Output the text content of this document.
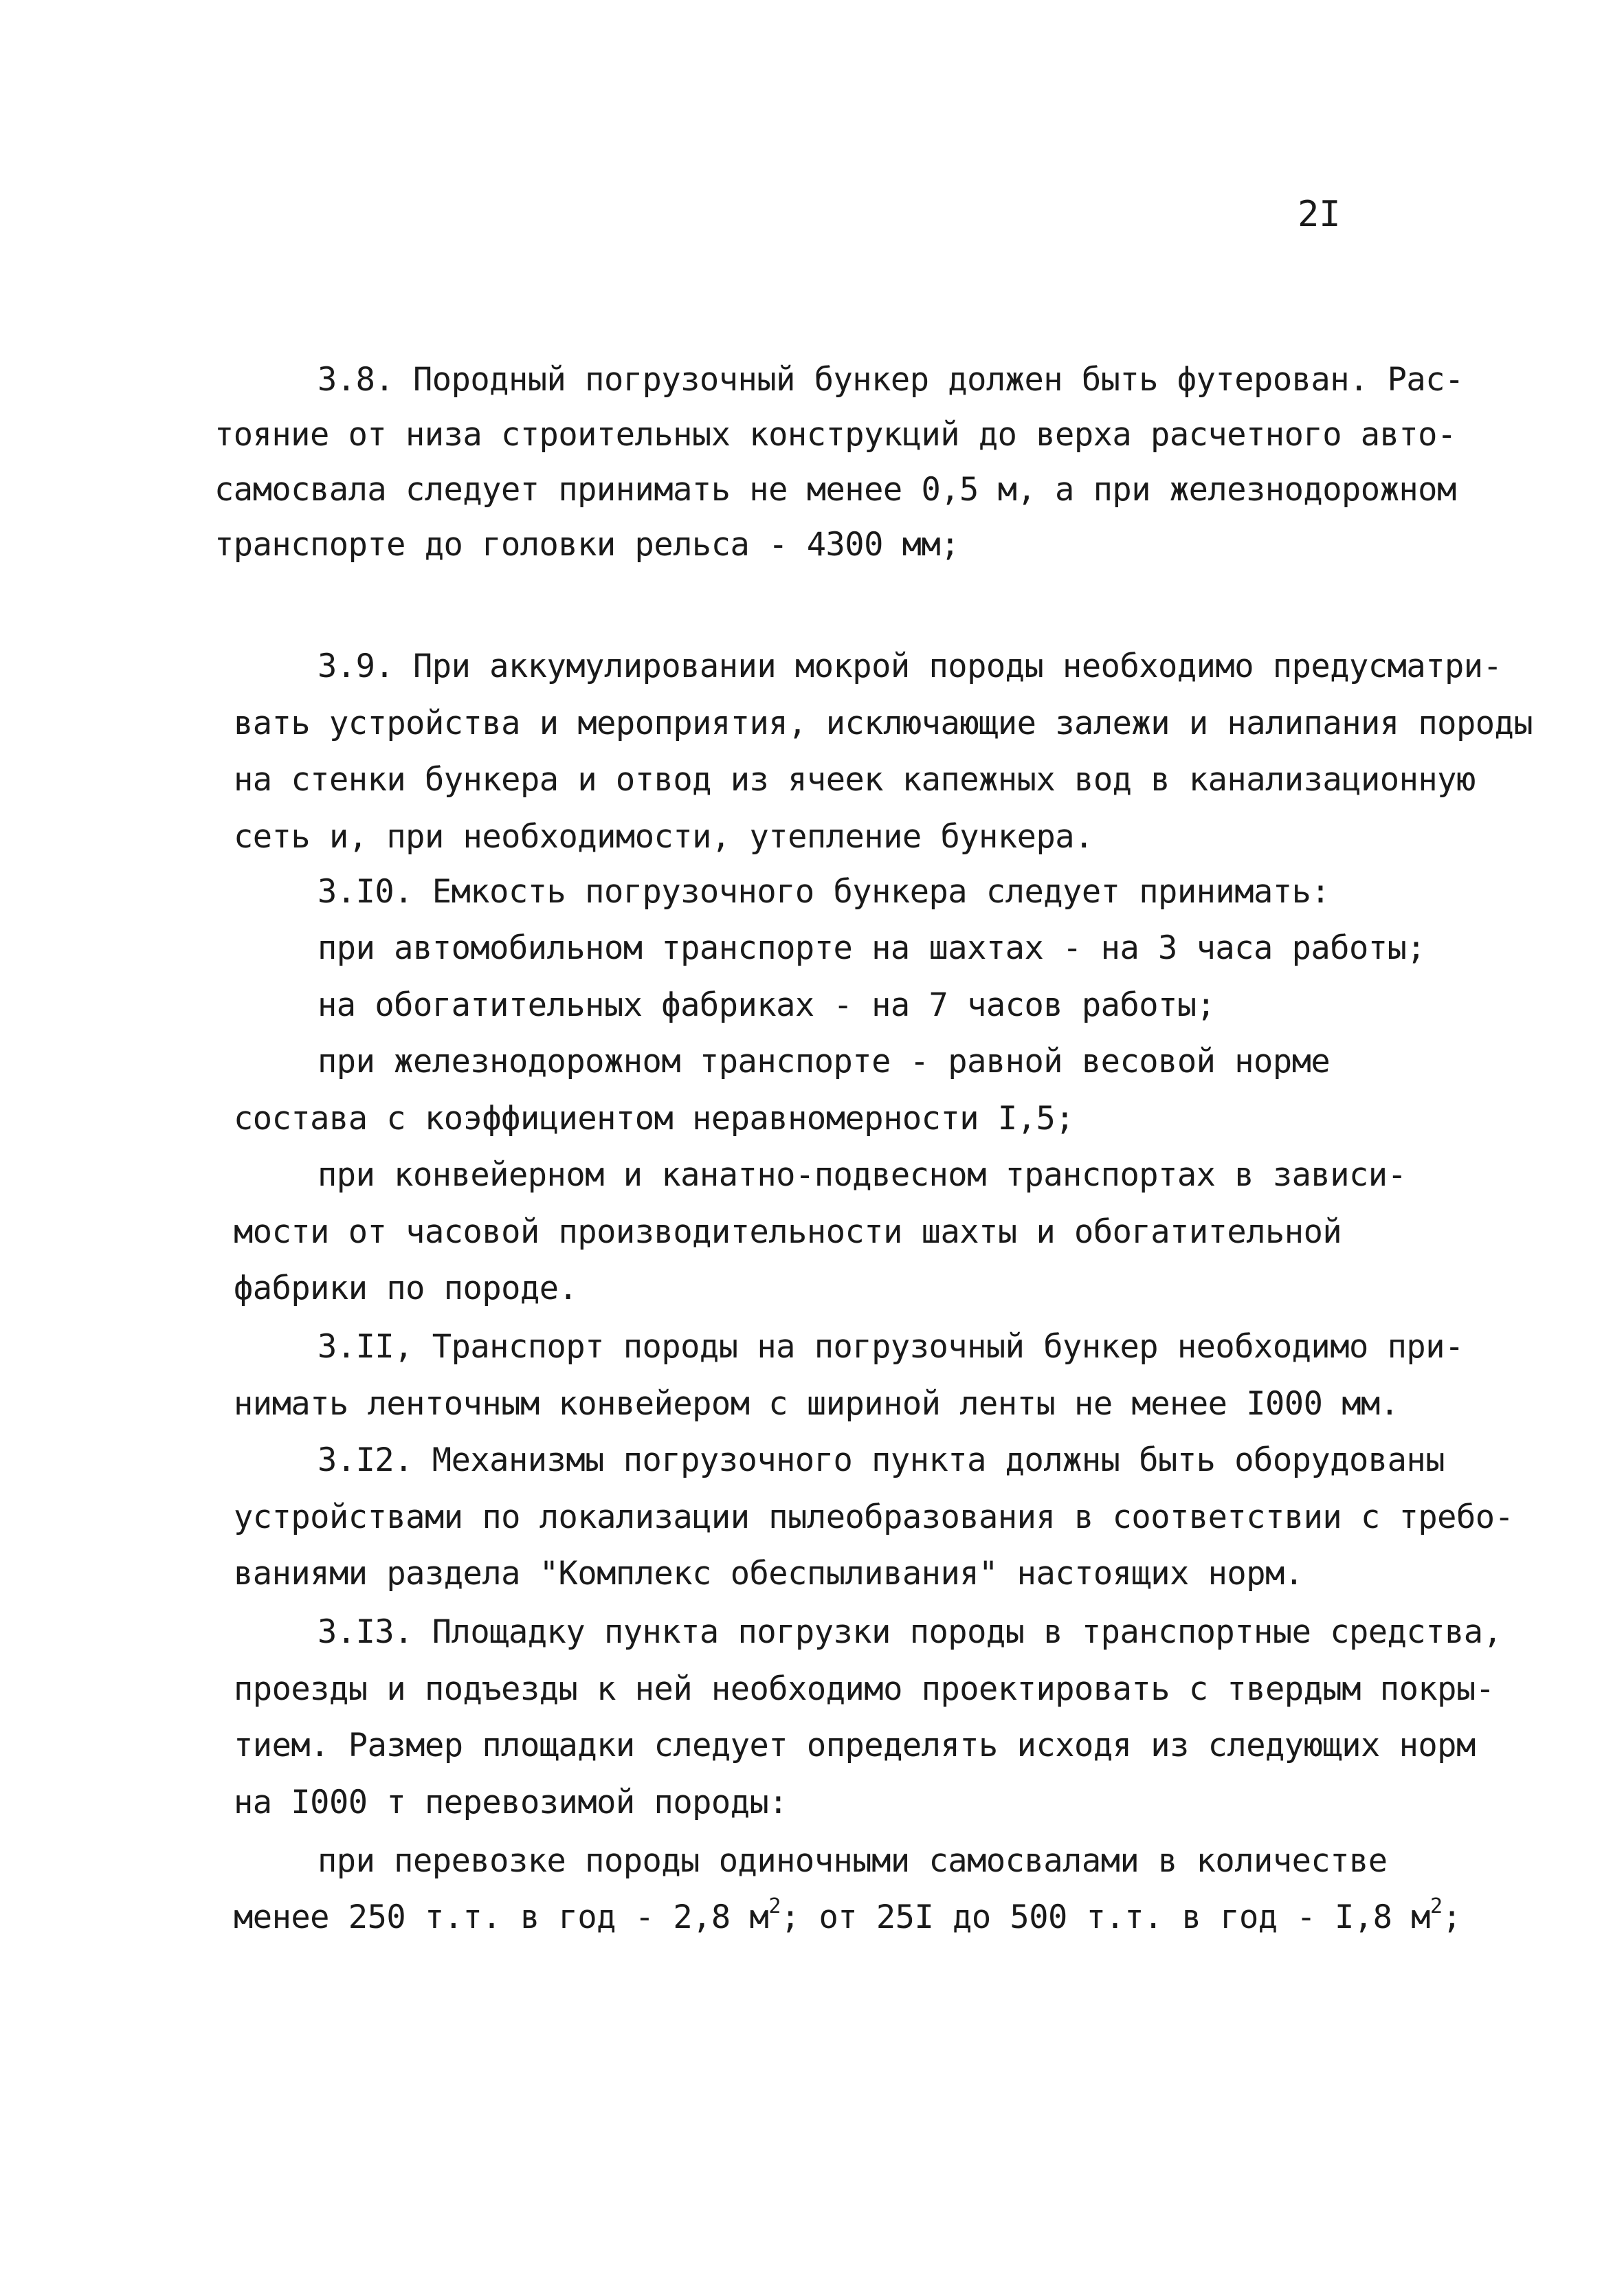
2I
3.8. Породный погрузочный бункер должен быть футерован. Рас-
тояние от низа строительных конструкций до верха расчетного авто-
самосвала следует принимать не менее 0,5 м, а при железнодорожном
транспорте до головки рельса - 4300 мм;
3.9. При аккумулировании мокрой породы необходимо предусматри-
вать устройства и мероприятия, исключающие залежи и налипания породы
на стенки бункера и отвод из ячеек капежных вод в канализационную
сеть и, при необходимости, утепление бункера.
3.I0. Емкость погрузочного бункера следует принимать:
при автомобильном транспорте на шахтах - на 3 часа работы;
на обогатительных фабриках - на 7 часов работы;
при железнодорожном транспорте - равной весовой норме
состава с коэффициентом неравномерности I,5;
при конвейерном и канатно-подвесном транспортах в зависи-
мости от часовой производительности шахты и обогатительной
фабрики по породе.
3.II, Транспорт породы на погрузочный бункер необходимо при-
нимать ленточным конвейером с шириной ленты не менее I000 мм.
3.I2. Механизмы погрузочного пункта должны быть оборудованы
устройствами по локализации пылеобразования в соответствии с требо-
ваниями раздела "Комплекс обеспыливания" настоящих норм.
3.I3. Площадку пункта погрузки породы в транспортные средства,
проезды и подъезды к ней необходимо проектировать с твердым покры-
тием. Размер площадки следует определять исходя из следующих норм
на I000 т перевозимой породы:
при перевозке породы одиночными самосвалами в количестве
менее 250 т.т. в год - 2,8 $м^2$; от 25I до 500 т.т. в год - I,8 $м^2$;
